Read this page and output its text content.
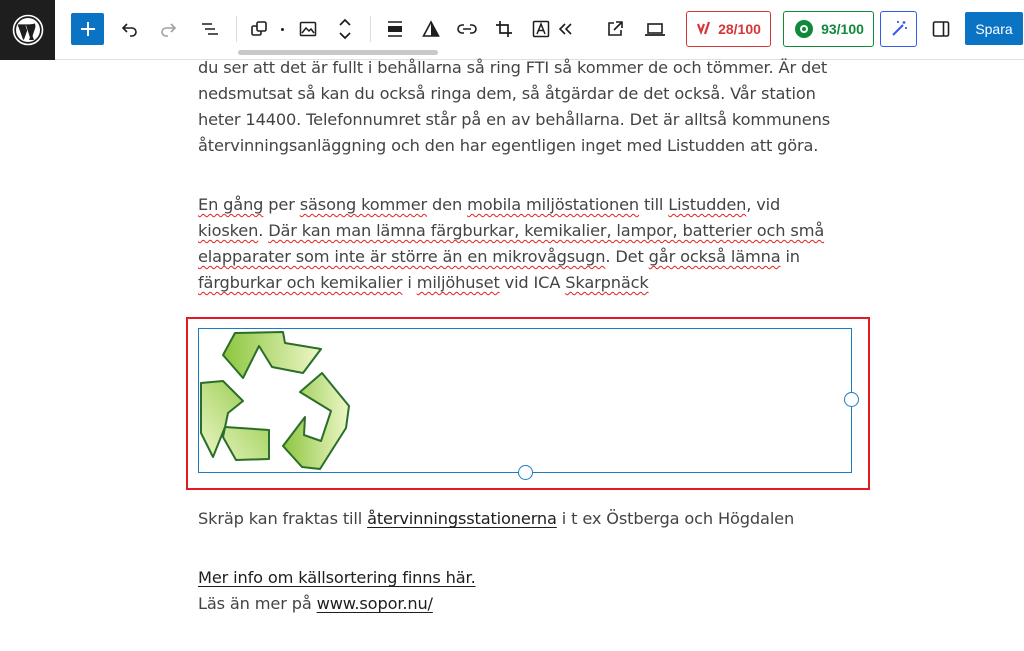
28/100	93/100	Spara
du ser att det är fullt i behållarna så ring FTI så kommer de och tömmer. Är det
nedsmutsat så kan du också ringa dem, så åtgärdar de det också. Vår station
heter 14400. Telefonnumret står på en av behållarna. Det är alltså kommunens
återvinningsanläggning och den har egentligen inget med Listudden att göra.
En gång per säsong kommer den mobila miljöstationen till Listudden, vid
kiosken. Där kan man lämna färgburkar, kemikalier, lampor, batterier och små
elapparater som inte är större än en mikrovågsugn. Det går också lämna in
färgburkar och kemikalier i miljöhuset vid ICA Skarpnäck
Skräp kan fraktas till återvinningsstationerna i t ex Östberga och Högdalen
Mer info om källsortering finns här.
Läs än mer på www.sopor.nu/
